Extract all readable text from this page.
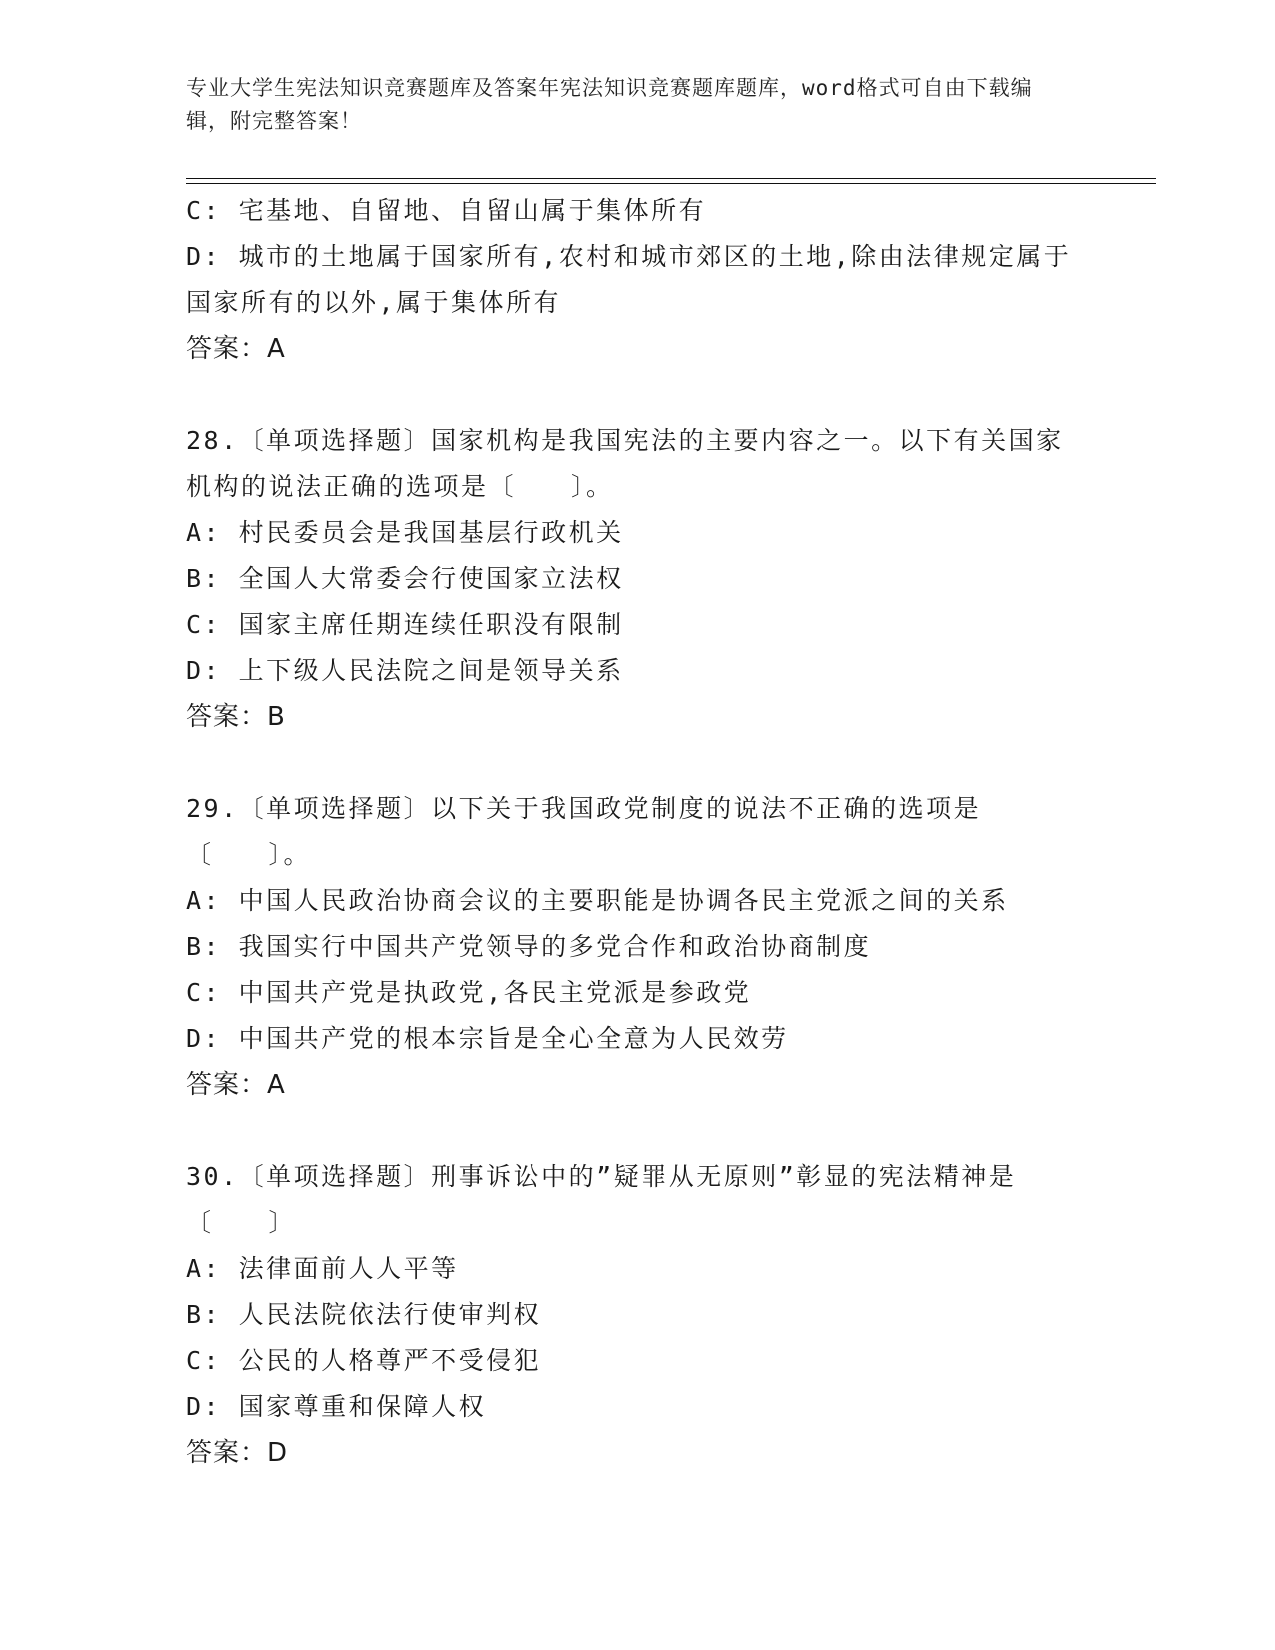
专业大学生宪法知识竞赛题库及答案年宪法知识竞赛题库题库，word格式可自由下载编辑，附完整答案！
C: 宅基地、自留地、自留山属于集体所有
D: 城市的土地属于国家所有,农村和城市郊区的土地,除由法律规定属于国家所有的以外,属于集体所有
答案：A
28.〔单项选择题〕国家机构是我国宪法的主要内容之一。以下有关国家机构的说法正确的选项是〔　　〕。
A: 村民委员会是我国基层行政机关
B: 全国人大常委会行使国家立法权
C: 国家主席任期连续任职没有限制
D: 上下级人民法院之间是领导关系
答案：B
29.〔单项选择题〕以下关于我国政党制度的说法不正确的选项是〔　　〕。
A: 中国人民政治协商会议的主要职能是协调各民主党派之间的关系
B: 我国实行中国共产党领导的多党合作和政治协商制度
C: 中国共产党是执政党,各民主党派是参政党
D: 中国共产党的根本宗旨是全心全意为人民效劳
答案：A
30.〔单项选择题〕刑事诉讼中的”疑罪从无原则”彰显的宪法精神是〔　　〕
A: 法律面前人人平等
B: 人民法院依法行使审判权
C: 公民的人格尊严不受侵犯
D: 国家尊重和保障人权
答案：D
